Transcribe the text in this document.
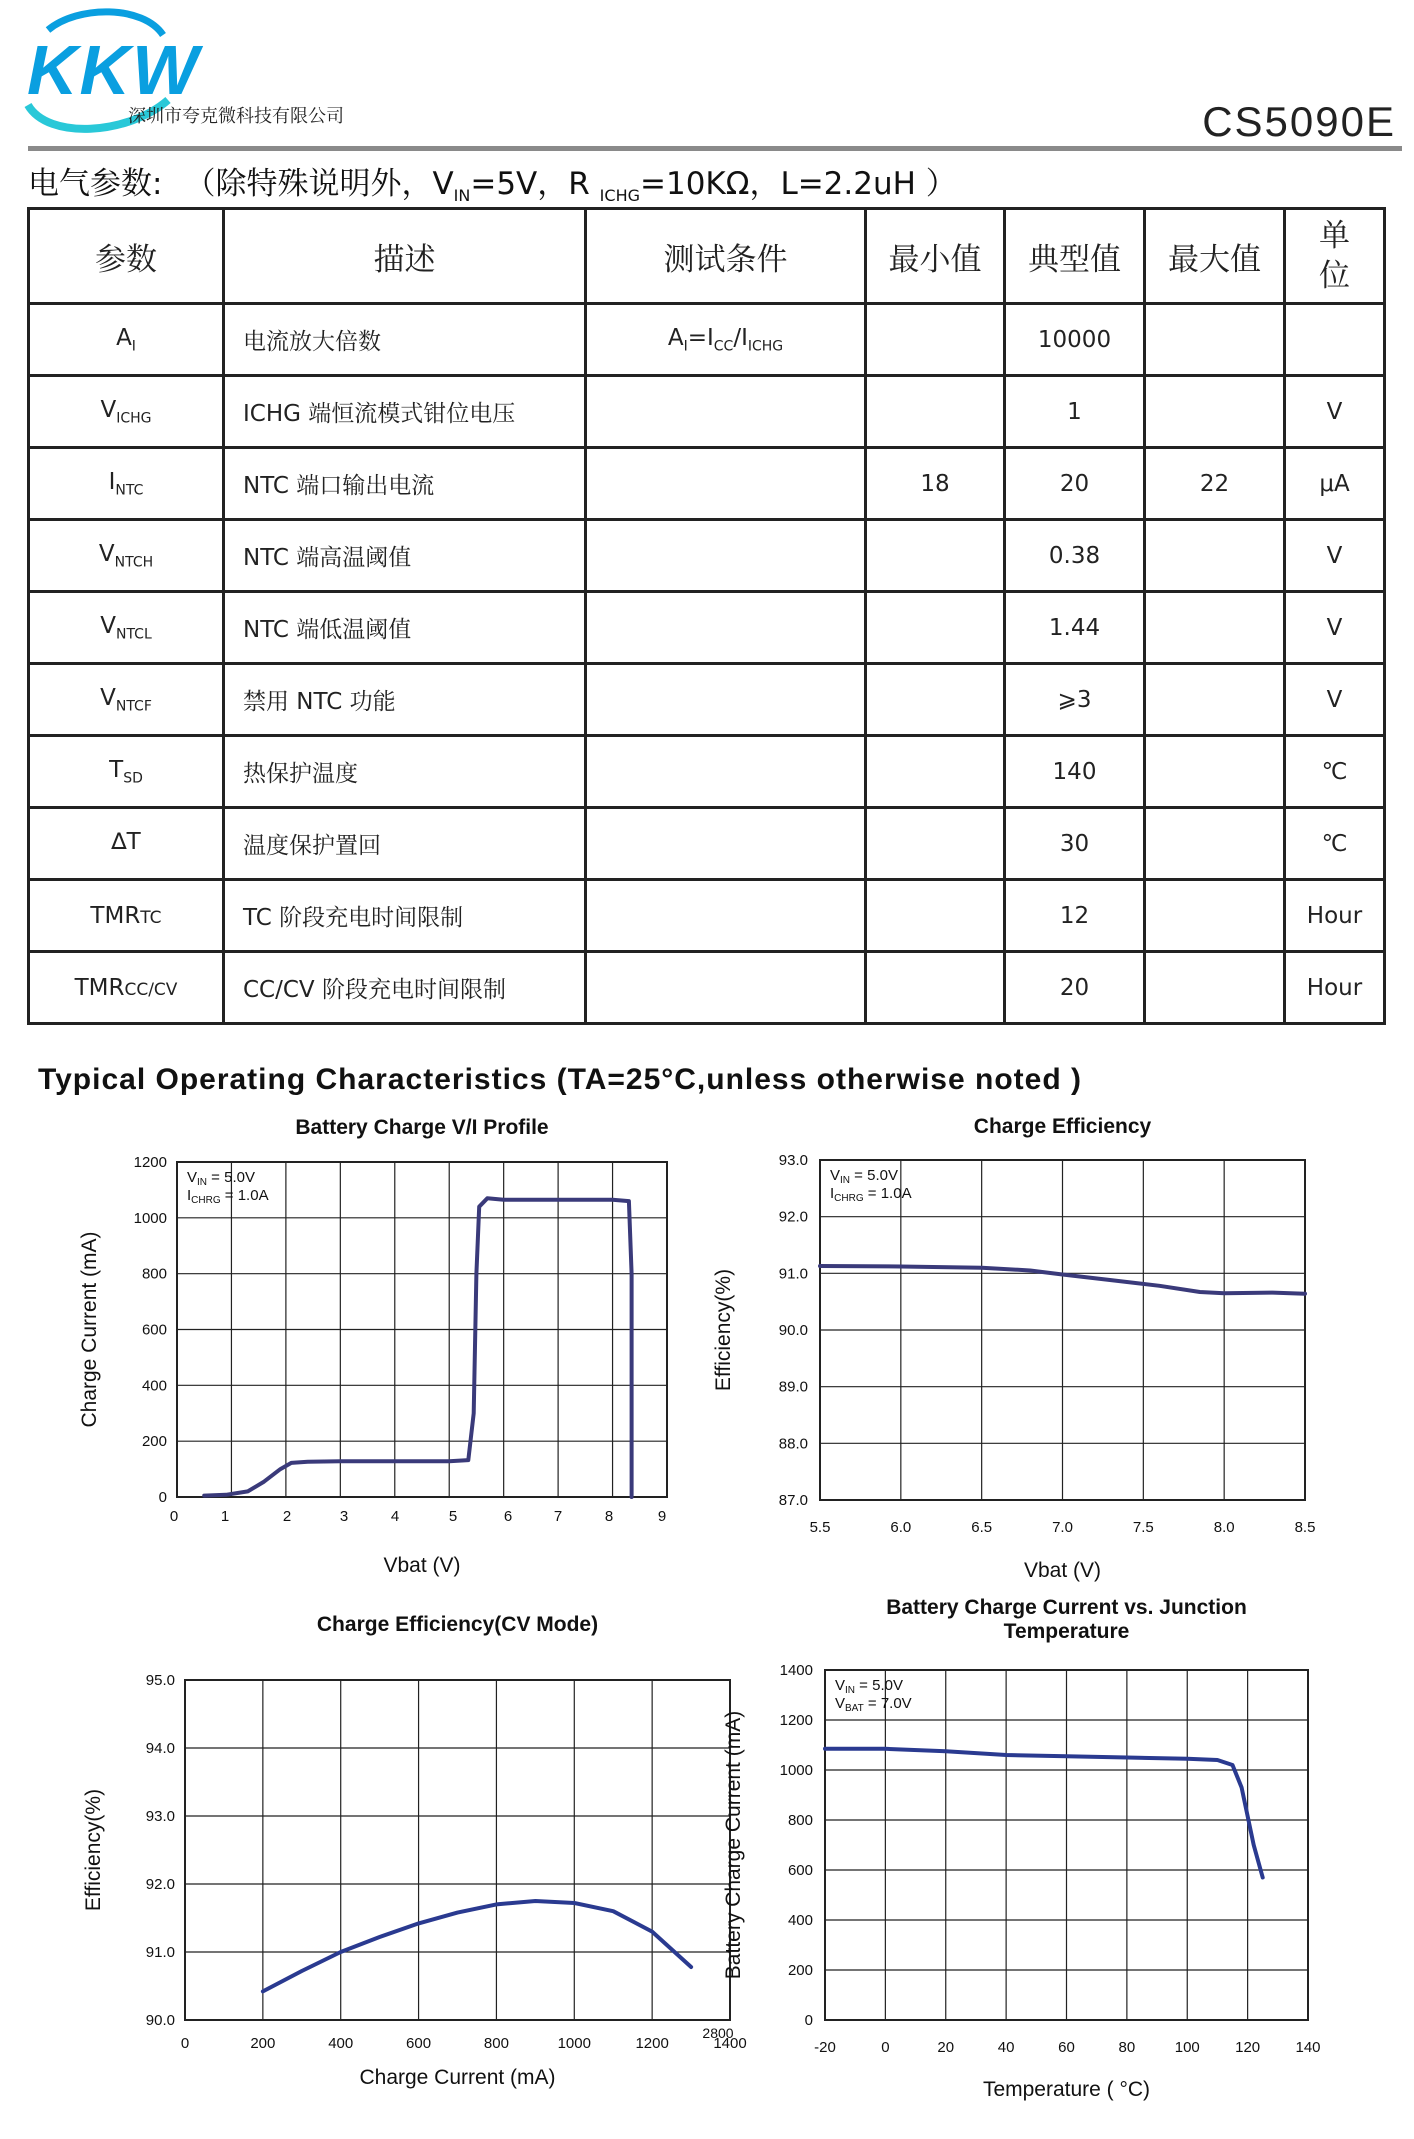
KKW
深圳市夸克微科技有限公司	CS5090E
电气参数: （除特殊说明外，$V_{IN}=5V$，R $_{ICHG}$=10KΩ，L=2.2uH ）
参数	描述	测试条件	最小值	典型值	最大值	单位
$A_I$	电流放大倍数	$A_I=I_{CC}/I_{ICHG}$		10000		
$V_{ICHG}$	ICHG 端恒流模式钳位电压			1		V
$I_{NTC}$	NTC 端口输出电流		18	20	22	μA
$V_{NTCH}$	NTC 端高温阈值			0.38		V
$V_{NTCL}$	NTC 端低温阈值			1.44		V
$V_{NTCF}$	禁用 NTC 功能			⩾3		V
$T_{SD}$	热保护温度			140		℃
∆T	温度保护置回			30		℃
TMRTC	TC 阶段充电时间限制			12		Hour
TMRCC/CV	CC/CV 阶段充电时间限制			20		Hour
Typical Operating Characteristics (TA=25°C,unless otherwise noted )
Battery Charge V/I Profile
0	1	2	3	4	5	6	7	8	9
0
200
400
600
800
1000
1200
Vbat (V)
Charge Current (mA)
$V_{IN} = 5.0V$
$I_{CHRG} = 1.0A$
Charge Efficiency
5.5	6.0	6.5	7.0	7.5	8.0	8.5
87.0
88.0
89.0
90.0
91.0
92.0
93.0
Vbat (V)
Efficiency(%)
$V_{IN} = 5.0V$
$I_{CHRG} = 1.0A$
Charge Efficiency(CV Mode)
0	200	400	600	800	1000	1200	1400
90.0
91.0
92.0
93.0
94.0
95.0
Charge Current (mA)
Efficiency(%)
2800
Battery Charge Current vs. Junction
Temperature
-20	0	20	40	60	80	100 120 140
0
200
400
600
800
1000
1200
1400
Temperature ( °C)
Battery Charge Current (mA)
$V_{IN} = 5.0V$
$V_{BAT} = 7.0V$
